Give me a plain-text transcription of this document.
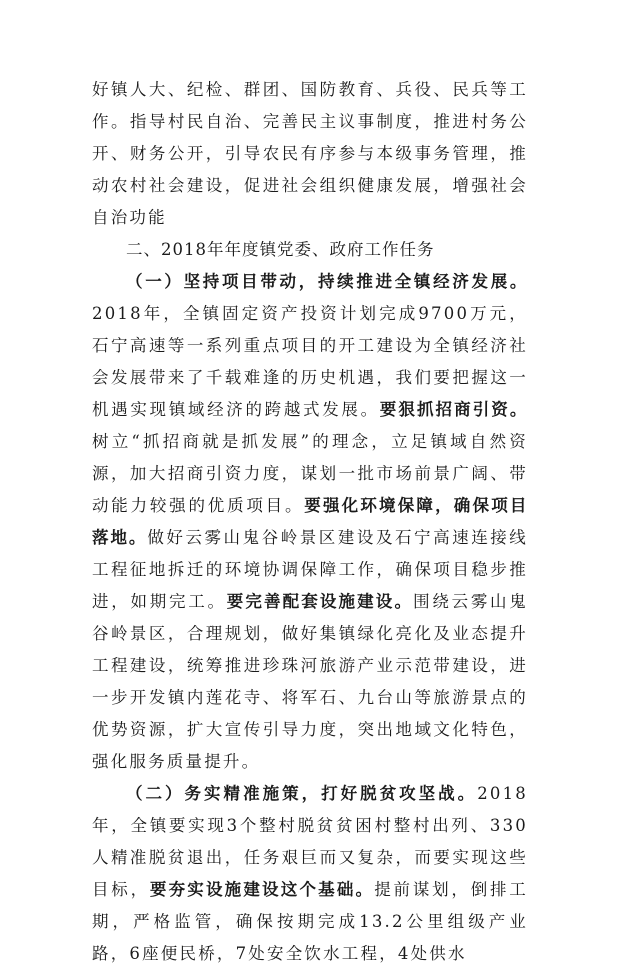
好镇人大、纪检、群团、国防教育、兵役、民兵等工作。指导村民自治、完善民主议事制度，推进村务公开、财务公开，引导农民有序参与本级事务管理，推动农村社会建设，促进社会组织健康发展，增强社会自治功能

二、2018年年度镇党委、政府工作任务

（一）坚持项目带动，持续推进全镇经济发展。2018年，全镇固定资产投资计划完成9700万元，石宁高速等一系列重点项目的开工建设为全镇经济社会发展带来了千载难逢的历史机遇，我们要把握这一机遇实现镇域经济的跨越式发展。要狠抓招商引资。树立“抓招商就是抓发展”的理念，立足镇域自然资源，加大招商引资力度，谋划一批市场前景广阔、带动能力较强的优质项目。要强化环境保障，确保项目落地。做好云雾山鬼谷岭景区建设及石宁高速连接线工程征地拆迁的环境协调保障工作，确保项目稳步推进，如期完工。要完善配套设施建设。围绕云雾山鬼谷岭景区，合理规划，做好集镇绿化亮化及业态提升工程建设，统筹推进珍珠河旅游产业示范带建设，进一步开发镇内莲花寺、将军石、九台山等旅游景点的优势资源，扩大宣传引导力度，突出地域文化特色，强化服务质量提升。

（二）务实精准施策，打好脱贫攻坚战。2018年，全镇要实现3个整村脱贫贫困村整村出列、330人精准脱贫退出，任务艰巨而又复杂，而要实现这些目标，要夯实设施建设这个基础。提前谋划，倒排工期，严格监管，确保按期完成13.2公里组级产业路，6座便民桥，7处安全饮水工程，4处供水
